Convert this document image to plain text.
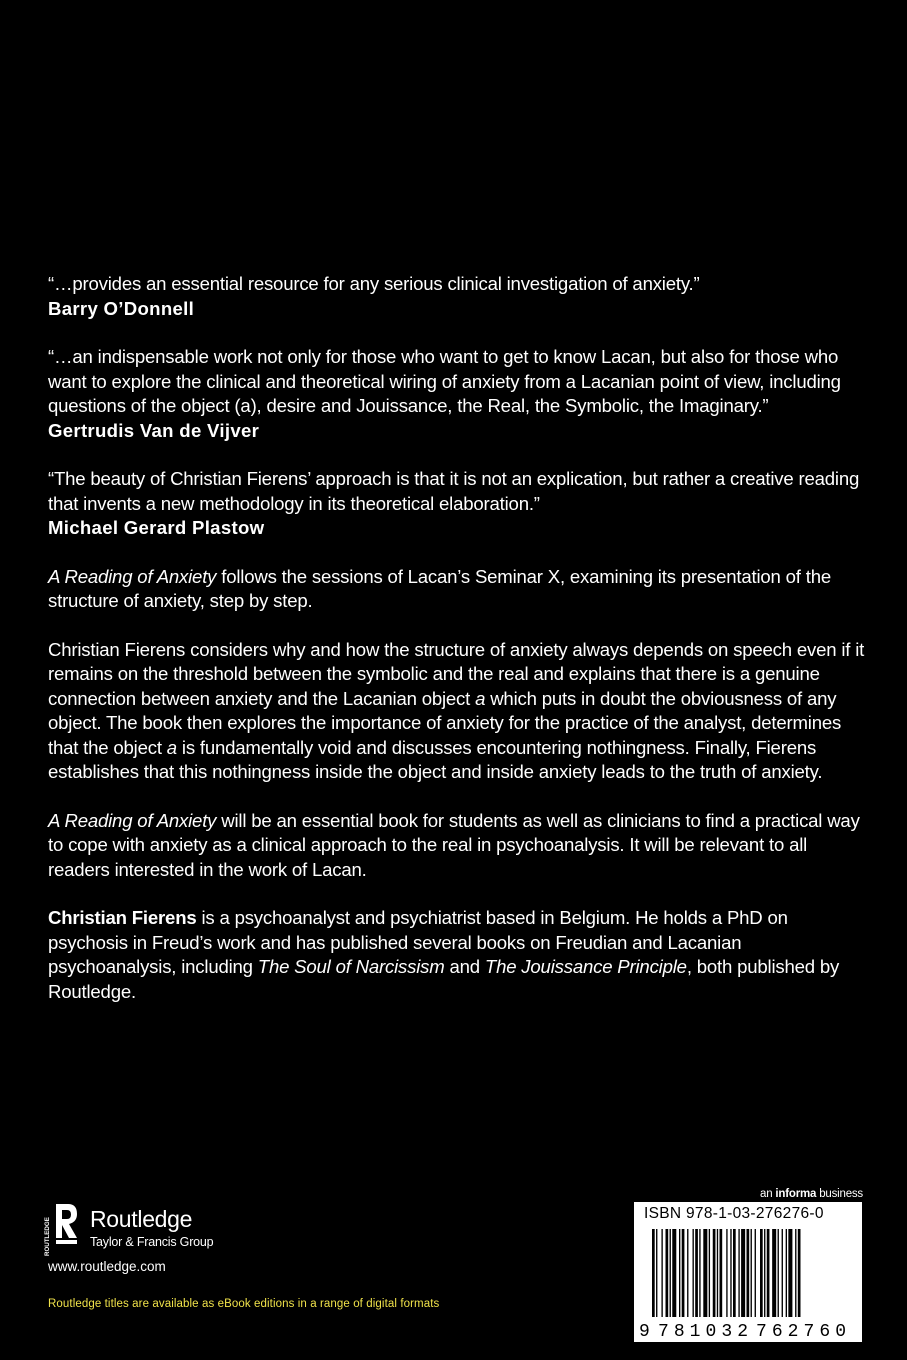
“…provides an essential resource for any serious clinical investigation of anxiety.”
Barry O’Donnell
“…an indispensable work not only for those who want to get to know Lacan, but also for those who want to explore the clinical and theoretical wiring of anxiety from a Lacanian point of view, including questions of the object (a), desire and Jouissance, the Real, the Symbolic, the Imaginary.”
Gertrudis Van de Vijver
“The beauty of Christian Fierens’ approach is that it is not an explication, but rather a creative reading that invents a new methodology in its theoretical elaboration.”
Michael Gerard Plastow

A Reading of Anxiety follows the sessions of Lacan’s Seminar X, examining its presentation of the structure of anxiety, step by step.

Christian Fierens considers why and how the structure of anxiety always depends on speech even if it remains on the threshold between the symbolic and the real and explains that there is a genuine connection between anxiety and the Lacanian object a which puts in doubt the obviousness of any object. The book then explores the importance of anxiety for the practice of the analyst, determines that the object a is fundamentally void and discusses encountering nothingness. Finally, Fierens establishes that this nothingness inside the object and inside anxiety leads to the truth of anxiety.

A Reading of Anxiety will be an essential book for students as well as clinicians to find a practical way to cope with anxiety as a clinical approach to the real in psychoanalysis. It will be relevant to all readers interested in the work of Lacan.

Christian Fierens is a psychoanalyst and psychiatrist based in Belgium. He holds a PhD on psychosis in Freud’s work and has published several books on Freudian and Lacanian psychoanalysis, including The Soul of Narcissism and The Jouissance Principle, both published by Routledge.

ROUTLEDGE Routledge
Taylor & Francis Group
www.routledge.com
Routledge titles are available as eBook editions in a range of digital formats
an informa business
ISBN 978-1-03-276276-0
9 781032 762760
